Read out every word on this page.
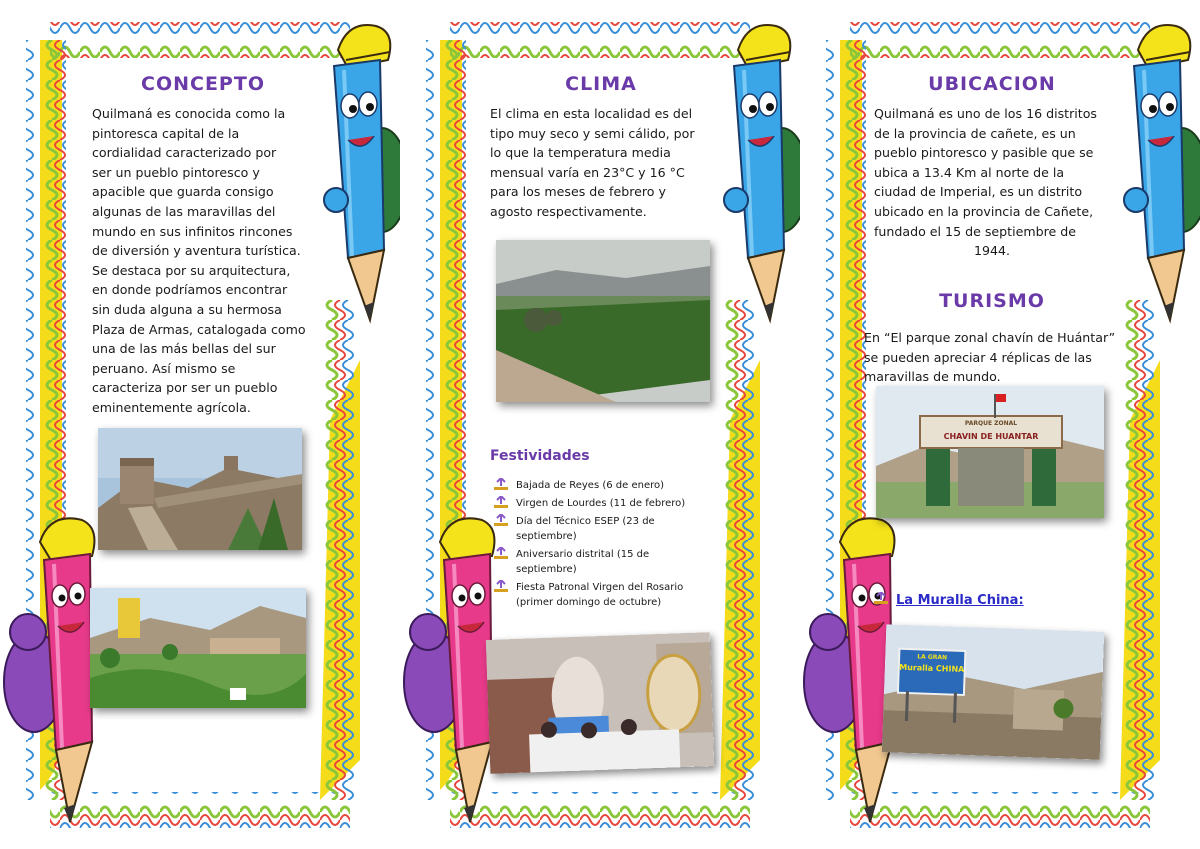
CONCEPTO
Quilmaná es conocida como la
pintoresca capital de la
cordialidad caracterizado por
ser un pueblo pintoresco y
apacible que guarda consigo
algunas de las maravillas del
mundo en sus infinitos rincones
de diversión y aventura turística.
Se destaca por su arquitectura,
en donde podríamos encontrar
sin duda alguna a su hermosa
Plaza de Armas, catalogada como
una de las más bellas del sur
peruano. Así mismo se
caracteriza por ser un pueblo
eminentemente agrícola.
CLIMA
El clima en esta localidad es del
tipo muy seco y semi cálido, por
lo que la temperatura media
mensual varía en 23°C y 16 °C
para los meses de febrero y
agosto respectivamente.
Festividades
Bajada de Reyes (6 de enero)
Virgen de Lourdes (11 de febrero)
Día del Técnico ESEP (23 de septiembre)
Aniversario distrital (15 de septiembre)
Fiesta Patronal Virgen del Rosario (primer domingo de octubre)
UBICACION
Quilmaná es uno de los 16 distritos
de la provincia de cañete, es un
pueblo pintoresco y pasible que se
ubica a 13.4 Km al norte de la
ciudad de Imperial, es un distrito
ubicado en la provincia de Cañete,
fundado el 15 de septiembre de
1944.
TURISMO
En “El parque zonal chavín de Huántar”
se pueden apreciar 4 réplicas de las
maravillas de mundo.
PARQUE ZONAL
CHAVIN DE HUANTAR
La Muralla China:
LA GRAN
Muralla CHINA
